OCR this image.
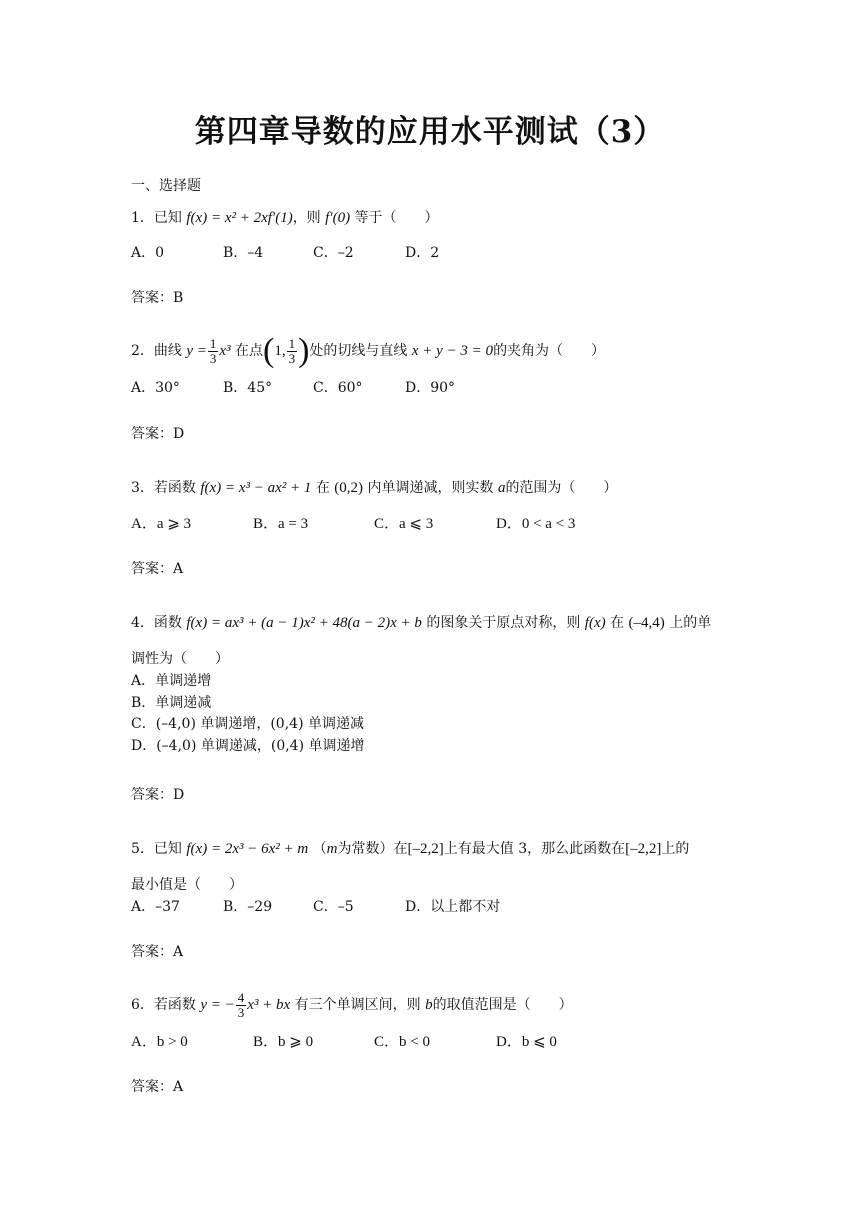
第四章导数的应用水平测试（3）
一、选择题
1．已知 f(x) = x² + 2xf′(1)，则 f′(0) 等于（　　）
A．0	B．–4	C．–2	D．2
答案：B
2．曲线 $y = \frac{1}{3} x^3$ 在点(1, $\frac{1}{3}$ )处的切线与直线 x + y − 3 = 0的夹角为（　　）
A．30°	B．45°	C．60°	D．90°
答案：D
3．若函数 f(x) = x³ − ax² + 1 在 (0,2) 内单调递减，则实数 a的范围为（　　）
A．a ⩾ 3	B．a = 3	C．a ⩽ 3	D．0 < a < 3
答案：A
4．函数 f(x) = ax³ + (a − 1)x² + 48(a − 2)x + b 的图象关于原点对称，则 f(x) 在 (–4,4) 上的单
调性为（　　）
A．单调递增
B．单调递减
C．(–4,0) 单调递增，(0,4) 单调递减
D．(–4,0) 单调递减，(0,4) 单调递增
答案：D
5．已知 f(x) = 2x³ − 6x² + m （m为常数）在[–2,2]上有最大值 3，那么此函数在[–2,2]上的
最小值是（　　）
A．–37	B．–29	C．–5	D．以上都不对
答案：A
6．若函数 y = − $\frac{4}{3} x^3$ + bx 有三个单调区间，则 b的取值范围是（　　）
A．b > 0	B．b ⩾ 0	C．b < 0	D．b ⩽ 0
答案：A
